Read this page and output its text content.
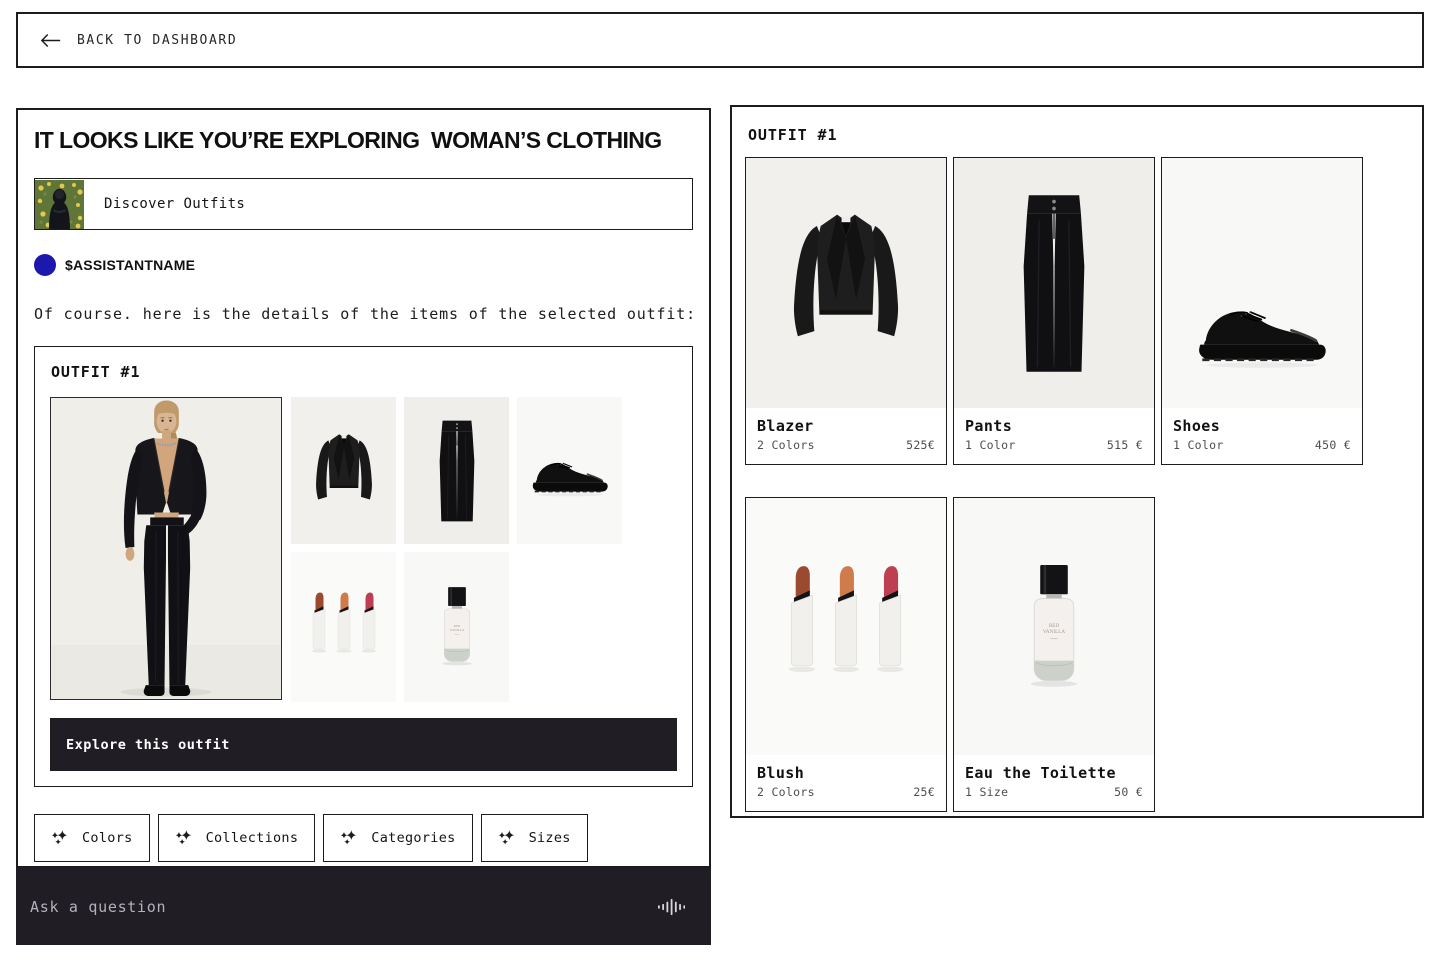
BACK TO DASHBOARD
IT LOOKS LIKE YOU’RE EXPLORING  WOMAN’S CLOTHING
Discover Outfits
$ASSISTANTNAME
Of course. here is the details of the items of the selected outfit:
OUTFIT #1
Explore this outfit
Colors	Collections	Categories	Sizes
Ask a question
OUTFIT #1
Blazer
2 Colors	525€
Pants
1 Color	515 €
Shoes
1 Color	450 €
Blush
2 Colors	25€
Eau the Toilette
1 Size	50 €
